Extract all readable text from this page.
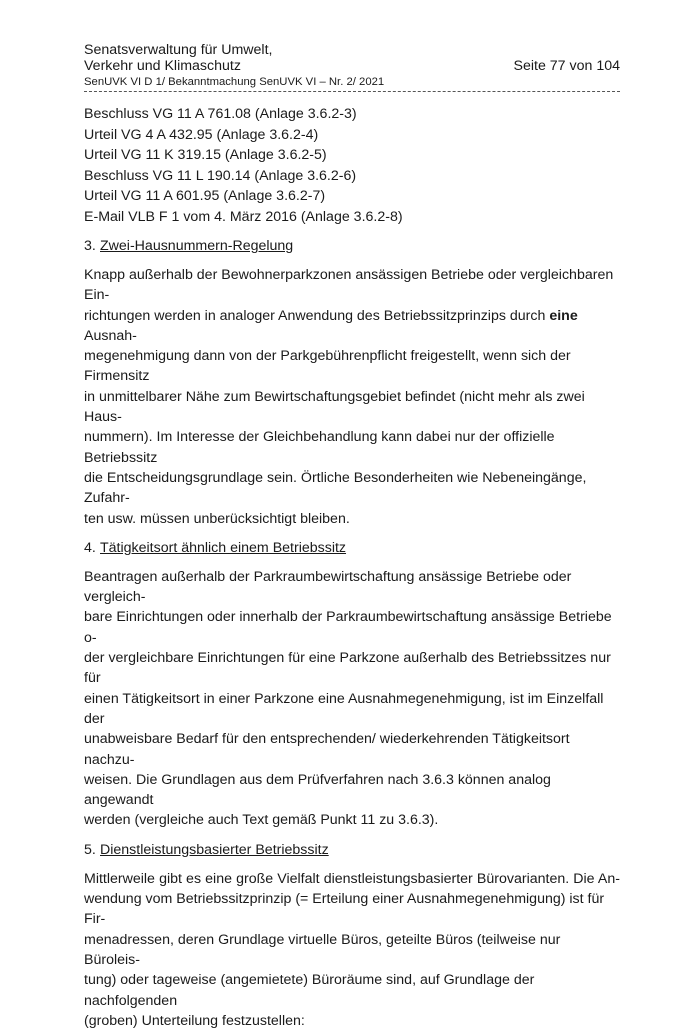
Senatsverwaltung für Umwelt,
Verkehr und Klimaschutz
SenUVK VI D 1/ Bekanntmachung SenUVK VI – Nr. 2/ 2021
Seite 77 von 104
Beschluss VG 11 A 761.08 (Anlage 3.6.2-3)
Urteil VG 4 A 432.95 (Anlage 3.6.2-4)
Urteil VG 11 K 319.15 (Anlage 3.6.2-5)
Beschluss VG 11 L 190.14 (Anlage 3.6.2-6)
Urteil VG 11 A 601.95 (Anlage 3.6.2-7)
E-Mail VLB F 1 vom 4. März 2016 (Anlage 3.6.2-8)
3. Zwei-Hausnummern-Regelung
Knapp außerhalb der Bewohnerparkzonen ansässigen Betriebe oder vergleichbaren Ein-
richtungen werden in analoger Anwendung des Betriebssitzprinzips durch eine Ausnah-
megenehmigung dann von der Parkgebührenpflicht freigestellt, wenn sich der Firmensitz
in unmittelbarer Nähe zum Bewirtschaftungsgebiet befindet (nicht mehr als zwei Haus-
nummern). Im Interesse der Gleichbehandlung kann dabei nur der offizielle Betriebssitz
die Entscheidungsgrundlage sein. Örtliche Besonderheiten wie Nebeneingänge, Zufahr-
ten usw. müssen unberücksichtigt bleiben.
4. Tätigkeitsort ähnlich einem Betriebssitz
Beantragen außerhalb der Parkraumbewirtschaftung ansässige Betriebe oder vergleich-
bare Einrichtungen oder innerhalb der Parkraumbewirtschaftung ansässige Betriebe o-
der vergleichbare Einrichtungen für eine Parkzone außerhalb des Betriebssitzes nur für
einen Tätigkeitsort in einer Parkzone eine Ausnahmegenehmigung, ist im Einzelfall der
unabweisbare Bedarf für den entsprechenden/ wiederkehrenden Tätigkeitsort nachzu-
weisen. Die Grundlagen aus dem Prüfverfahren nach 3.6.3 können analog angewandt
werden (vergleiche auch Text gemäß Punkt 11 zu 3.6.3).
5. Dienstleistungsbasierter Betriebssitz
Mittlerweile gibt es eine große Vielfalt dienstleistungsbasierter Bürovarianten. Die An-
wendung vom Betriebssitzprinzip (= Erteilung einer Ausnahmegenehmigung) ist für Fir-
menadressen, deren Grundlage virtuelle Büros, geteilte Büros (teilweise nur Büroleis-
tung) oder tageweise (angemietete) Büroräume sind, auf Grundlage der nachfolgenden
(groben) Unterteilung festzustellen:
